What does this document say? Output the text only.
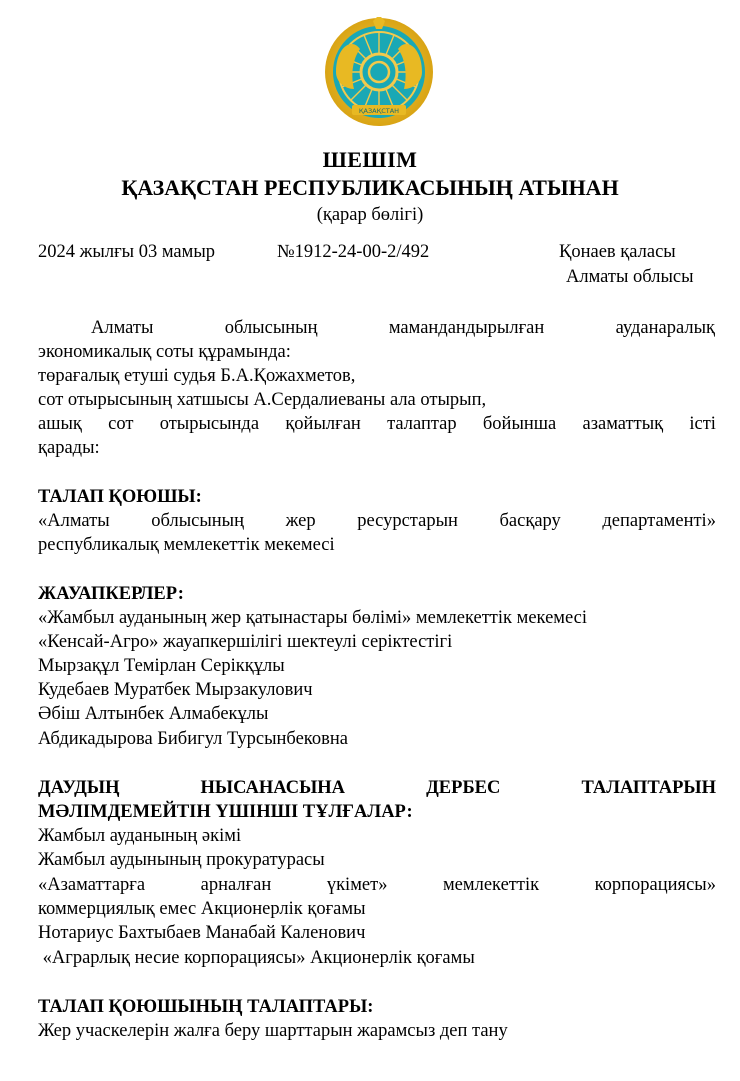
ҚАЗАҚСТАН
ШЕШІМ
ҚАЗАҚСТАН РЕСПУБЛИКАСЫНЫҢ АТЫНАН
(қарар бөлігі)
2024 жылғы 03 мамыр	№1912-24-00-2/492	Қонаев қаласы
Алматы облысы
Алматы	облысының	мамандандырылған	ауданаралық
экономикалық соты құрамында:
төрағалық етуші судья Б.А.Қожахметов,
сот отырысының хатшысы А.Сердалиеваны ала отырып,
ашық сот отырысында қойылған талаптар бойынша азаматтық істі
қарады:
ТАЛАП ҚОЮШЫ:
«Алматы облысының жер ресурстарын басқару департаменті»
республикалық мемлекеттік мекемесі
ЖАУАПКЕРЛЕР:
«Жамбыл ауданының жер қатынастары бөлімі» мемлекеттік мекемесі
«Кенсай-Агро» жауапкершілігі шектеулі серіктестігі
Мырзақұл Темірлан Серікқұлы
Кудебаев Муратбек Мырзакулович
Әбіш Алтынбек Алмабекұлы
Абдикадырова Бибигул Турсынбековна
ДАУДЫҢ	НЫСАНАСЫНА	ДЕРБЕС	ТАЛАПТАРЫН
МӘЛІМДЕМЕЙТІН ҮШІНШІ ТҰЛҒАЛАР:
Жамбыл ауданының әкімі
Жамбыл аудынының прокуратурасы
«Азаматтарға	арналған	үкімет»	мемлекеттік	корпорациясы»
коммерциялық емес Акционерлік қоғамы
Нотариус Бахтыбаев Манабай Каленович
«Аграрлық несие корпорациясы» Акционерлік қоғамы
ТАЛАП ҚОЮШЫНЫҢ ТАЛАПТАРЫ:
Жер учаскелерін жалға беру шарттарын жарамсыз деп тану
